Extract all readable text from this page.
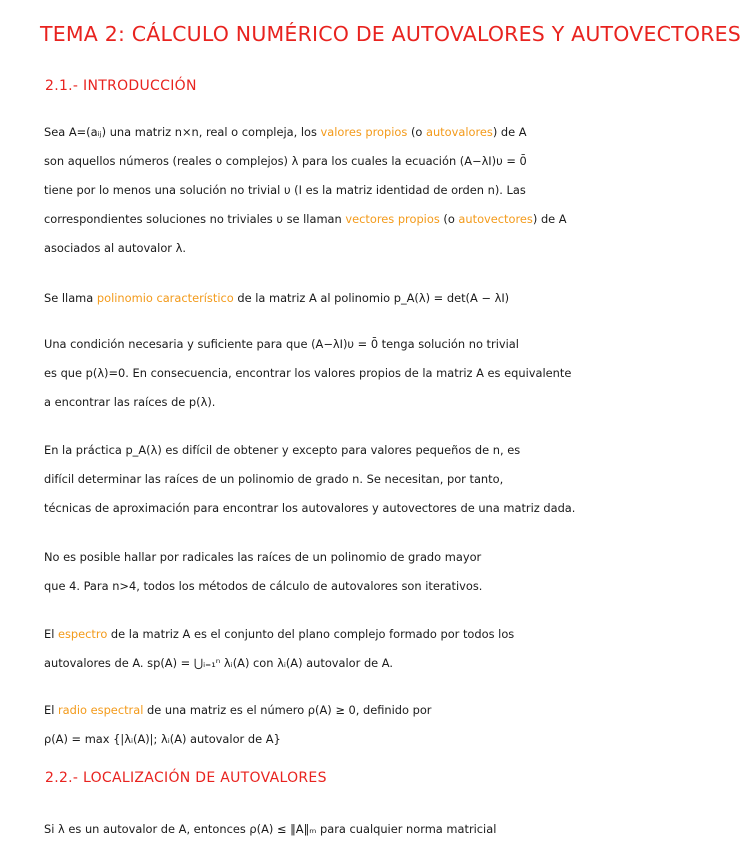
TEMA 2: CÁLCULO NUMÉRICO DE AUTOVALORES Y AUTOVECTORES
2.1.- INTRODUCCIÓN
Sea A=(aᵢⱼ) una matriz n×n, real o compleja, los valores propios (o autovalores) de A
son aquellos números (reales o complejos) λ para los cuales la ecuación (A−λI)υ = 0̄
tiene por lo menos una solución no trivial υ (I es la matriz identidad de orden n). Las
correspondientes soluciones no triviales υ se llaman vectores propios (o autovectores) de A
asociados al autovalor λ.
Se llama polinomio característico de la matriz A al polinomio p_A(λ) = det(A − λI)
Una condición necesaria y suficiente para que (A−λI)υ = 0̄ tenga solución no trivial
es que p(λ)=0. En consecuencia, encontrar los valores propios de la matriz A es equivalente
a encontrar las raíces de p(λ).
En la práctica p_A(λ) es difícil de obtener y excepto para valores pequeños de n, es
difícil determinar las raíces de un polinomio de grado n. Se necesitan, por tanto,
técnicas de aproximación para encontrar los autovalores y autovectores de una matriz dada.
No es posible hallar por radicales las raíces de un polinomio de grado mayor
que 4. Para n>4, todos los métodos de cálculo de autovalores son iterativos.
El espectro de la matriz A es el conjunto del plano complejo formado por todos los
autovalores de A. sp(A) = ⋃ᵢ₌₁ⁿ λᵢ(A) con λᵢ(A) autovalor de A.
El radio espectral de una matriz es el número ρ(A) ≥ 0, definido por
ρ(A) = max {|λᵢ(A)|; λᵢ(A) autovalor de A}
2.2.- LOCALIZACIÓN DE AUTOVALORES
Si λ es un autovalor de A, entonces ρ(A) ≤ ‖A‖ₘ para cualquier norma matricial
